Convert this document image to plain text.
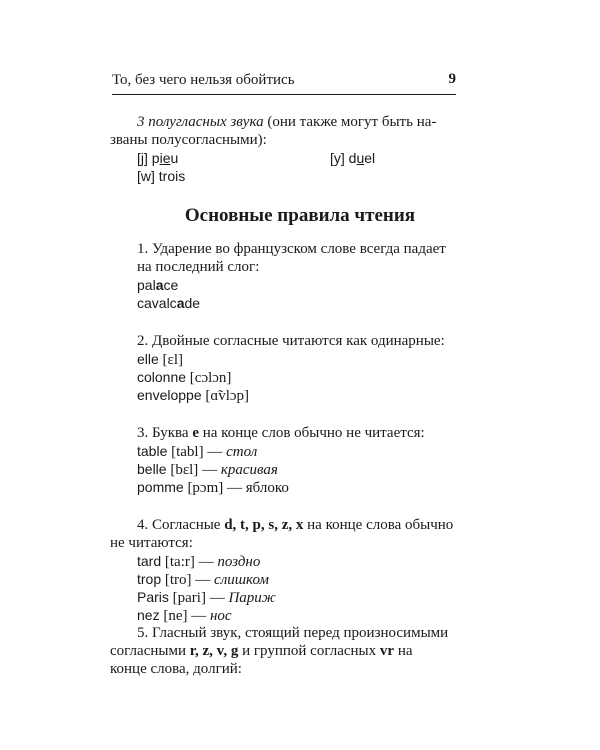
То, без чего нельзя обойтись	9
3 полугласных звука (они также могут быть на-
званы полусогласными):
[j] pieu	[y] duel
[w] trois
Основные правила чтения
1. Ударение во французском слове всегда падает
на последний слог:
palace
cavalcade
2. Двойные согласные читаются как одинарные:
elle [ɛl]
colonne [cɔlɔn]
enveloppe [ɑ̃vlɔp]
3. Буква e на конце слов обычно не читается:
table [tabl] — стол
belle [bɛl] — красивая
pomme [pɔm] — яблоко
4. Согласные d, t, p, s, z, x на конце слова обычно
не читаются:
tard [ta:r] — поздно
trop [tro] — слишком
Paris [pari] — Париж
nez [ne] — нос
5. Гласный звук, стоящий перед произносимыми
согласными r, z, v, g и группой согласных vr на
конце слова, долгий:
